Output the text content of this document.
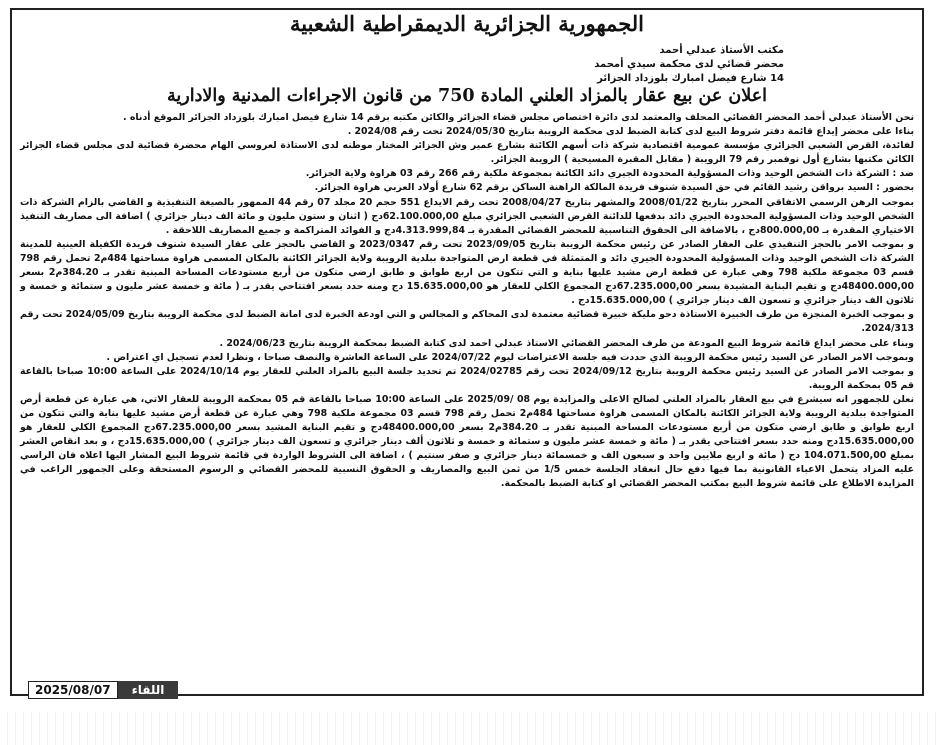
الجمهورية الجزائرية الديمقراطية الشعبية
مكتب الأستاذ عبدلي أحمد
محضر قضائي لدى محكمة سيدي أمحمد
14 شارع فيصل امبارك بلوزداد الجزائر
اعلان عن بيع عقار بالمزاد العلني المادة 750 من قانون الاجراءات المدنية والادارية

نحن الأستاذ عبدلي أحمد المحضر القضائي المحلف والمعتمد لدى دائرة اختصاص مجلس قضاء الجزائر والكائن مكتبه برقم 14 شارع فيصل امبارك بلوزداد الجزائر الموقع أدناه .

بناءا على محضر إيداع قائمة دفتر شروط البيع لدى كتابة الضبط لدى محكمة الرويبة بتاريخ 2024/05/30 تحت رقم 2024/08 .

لفائدة، القرض الشعبي الجزائري مؤسسة عمومية اقتصادية شركة ذات أسهم الكائنة بشارع عمير وش الجزائر المختار موطنه لدى الاستاذة لعروسي الهام محضرة قضائية لدى مجلس قضاء الجزائر الكائن مكتبها بشارع أول نوفمبر رقم 79 الرويبة ( مقابل المقبرة المسيحية ) الرويبة الجزائر.

ضد : الشركة ذات الشخص الوحيد وذات المسؤولية المحدودة الجيري دائد الكائنة بمجموعة ملكية رقم 266 رقم 03 هراوة ولاية الجزائر.

بحضور : السيد برواقن رشيد القائم في حق السيدة شنوف فريدة المالكة الراهنة الساكن برقم 62 شارع أولاد العربي هراوة الجزائر.

بموجب الرهن الرسمي الاتفاقي المحرر بتاريخ 2008/01/22 والمشهر بتاريخ 2008/04/27 تحت رقم الايداع 551 حجم 20 مجلد 07 رقم 44 الممهور بالصيغة التنفيذية و القاضي بالزام الشركة ذات الشخص الوحيد وذات المسؤولية المحدودة الجيري دائد بدفعها للدائنة القرض الشعبي الجزائري مبلغ 62.100.000,00دج ( اثنان و ستون مليون و مائة الف دينار جزائري ) اضافة الى مصاريف التنفيذ الاختياري المقدرة بـ 800.000,00دج ، بالاضافة الى الحقوق التناسبية للمحضر القضائي المقدرة بـ 4.313.999,84دج و الفوائد المتراكمة و جميع المصاريف اللاحقة .

و بموجب الامر بالحجز التنفيذي على العقار الصادر عن رئيس محكمة الرويبة بتاريخ 2023/09/05 تحت رقم 2023/0347 و القاضي بالحجز على عقار السيدة شنوف فريدة الكفيلة العينية للمدينة الشركة ذات الشخص الوحيد وذات المسؤولية المحدودة الجيري دائد و المتمثلة في قطعة ارض المتواجدة ببلدية الرويبة ولاية الجزائر الكائنة بالمكان المسمى هراوة مساحتها 484م2 تحمل رقم 798 قسم 03 مجموعة ملكية 798 وهي عبارة عن قطعة ارض مشيد عليها بناية و التي تتكون من اربع طوابق و طابق ارضي متكون من أربع مستودعات المساحة المبنية تقدر بـ 384.20م2 بسعر 48400.000,00دج و تقيم البناية المشيدة بسعر 67.235.000,00دج المجموع الكلي للعقار هو 15.635.000,00 دج ومنه حدد بسعر افتتاحي يقدر بـ ( مائة و خمسة عشر مليون و ستمائة و خمسة و ثلاثون الف دينار جزائري و تسعون الف دينار جزائري ) 15.635.000,00دج .

و بموجب الخبرة المنجزة من طرف الخبيرة الاستاذة دحو مليكة خبيرة قضائية معتمدة لدى المحاكم و المجالس و التي اودعة الخبرة لدى امانة الضبط لدى محكمة الرويبة بتاريخ 2024/05/09 تحت رقم 2024/313.

وبناء على محضر ايداع قائمة شروط البيع المودعة من طرف المحضر القضائي الاستاذ عبدلي احمد لدى كتابة الضبط بمحكمة الرويبة بتاريخ 2024/06/23 .

وبموجب الامر الصادر عن السيد رئيس محكمة الرويبة الذي حددت فيه جلسة الاعتراضات ليوم 2024/07/22 على الساعة العاشرة والنصف صباحا ، ونظرا لعدم تسجيل اي اعتراض .

و بموجب الامر الصادر عن السيد رئيس محكمة الرويبة بتاريخ 2024/09/12 تحت رقم 2024/02785 تم تحديد جلسة البيع بالمزاد العلني للعقار يوم 2024/10/14 على الساعة 10:00 صباحا بالقاعة قم 05 بمحكمة الرويبة.

نعلن للجمهور انه سيشرع في بيع العقار بالمزاد العلني لصالح الاعلى والمزايدة يوم 08 /2025/09 على الساعة 10:00 صباحا بالقاعة قم 05 بمحكمة الرويبة للعقار الاتي، هي عبارة عن قطعة أرض المتواجدة ببلدية الرويبة ولاية الجزائر الكائنة بالمكان المسمى هراوة مساحتها 484م2 تحمل رقم 798 قسم 03 مجموعة ملكية 798 وهي عبارة عن قطعة أرض مشيد عليها بناية والتي تتكون من اربع طوابق و طابق ارضي متكون من أربع مستودعات المساحة المبنية تقدر بـ 384.20م2 بسعر 48400.000,00دج و تقيم البناية المشيد بسعر 67.235.000,00دج المجموع الكلي للعقار هو 15.635.000,00دج ومنه حدد بسعر افتتاحي يقدر بـ ( مائة و خمسة عشر مليون و ستمائة و خمسة و ثلاثون ألف دينار جزائري و تسعون الف دينار جزائري ) 15.635.000,00دج ، و بعد انقاص العشر بمبلغ 104.071.500,00 دج ( مائة و اربع ملايين واحد و سبعون الف و خمسمائة دينار جزائري و صفر سنتيم ) ، اضافة الى الشروط الواردة في قائمة شروط البيع المشار اليها اعلاه فان الراسي عليه المزاد يتحمل الاعباء القانونية بما فيها دفع حال انعقاد الجلسة خمس 1/5 من ثمن البيع والمصاريف و الحقوق النسبية للمحضر القضائي و الرسوم المستحقة وعلى الجمهور الراغب في المزايدة الاطلاع على قائمة شروط البيع بمكتب المحضر القضائي او كتابة الضبط بالمحكمة.

2025/08/07	اللقاء
